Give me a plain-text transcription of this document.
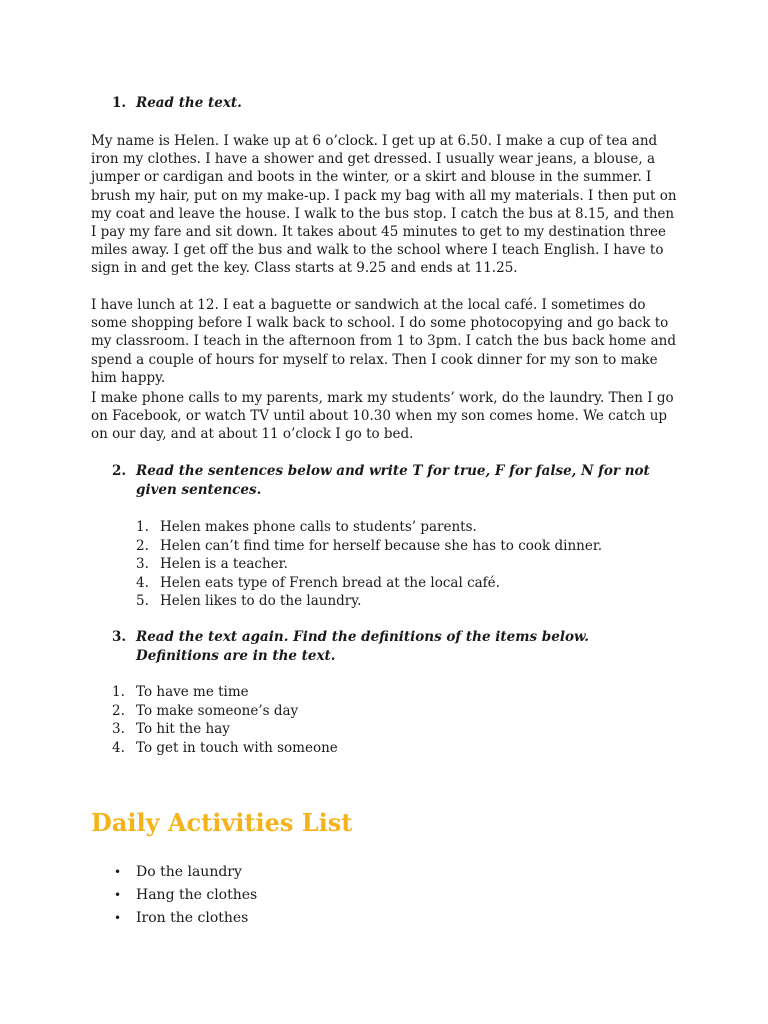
1. Read the text.

My name is Helen. I wake up at 6 o’clock. I get up at 6.50. I make a cup of tea and iron my clothes. I have a shower and get dressed. I usually wear jeans, a blouse, a jumper or cardigan and boots in the winter, or a skirt and blouse in the summer. I brush my hair, put on my make-up. I pack my bag with all my materials. I then put on my coat and leave the house. I walk to the bus stop. I catch the bus at 8.15, and then I pay my fare and sit down. It takes about 45 minutes to get to my destination three miles away. I get off the bus and walk to the school where I teach English. I have to sign in and get the key. Class starts at 9.25 and ends at 11.25.

I have lunch at 12. I eat a baguette or sandwich at the local café. I sometimes do some shopping before I walk back to school. I do some photocopying and go back to my classroom. I teach in the afternoon from 1 to 3pm. I catch the bus back home and spend a couple of hours for myself to relax. Then I cook dinner for my son to make him happy.

I make phone calls to my parents, mark my students’ work, do the laundry. Then I go on Facebook, or watch TV until about 10.30 when my son comes home. We catch up on our day, and at about 11 o’clock I go to bed.

2. Read the sentences below and write T for true, F for false, N for not given sentences.
1. Helen makes phone calls to students’ parents.
2. Helen can’t find time for herself because she has to cook dinner.
3. Helen is a teacher.
4. Helen eats type of French bread at the local café.
5. Helen likes to do the laundry.
3. Read the text again. Find the definitions of the items below. Definitions are in the text.
1. To have me time
2. To make someone’s day
3. To hit the hay
4. To get in touch with someone
Daily Activities List
• Do the laundry
• Hang the clothes
• Iron the clothes
